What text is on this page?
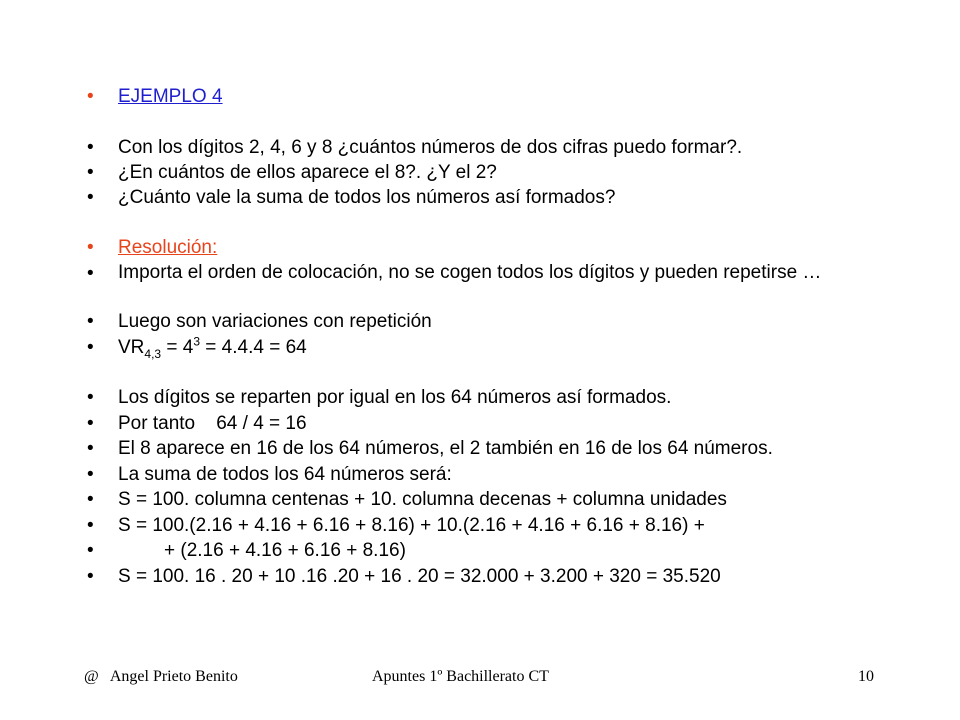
• EJEMPLO 4
• Con los dígitos 2, 4, 6 y 8 ¿cuántos números de dos cifras puedo formar?.
• ¿En cuántos de ellos aparece el 8?. ¿Y el 2?
• ¿Cuánto vale la suma de todos los números así formados?
• Resolución:
• Importa el orden de colocación, no se cogen todos los dígitos y pueden repetirse …
• Luego son variaciones con repetición
• $VR_{4,3} = 4^3 = 4.4.4 = 64$
• Los dígitos se reparten por igual en los 64 números así formados.
• Por tanto    64 / 4 = 16
• El 8 aparece en 16 de los 64 números, el 2 también en 16 de los 64 números.
• La suma de todos los 64 números será:
• S = 100. columna centenas + 10. columna decenas + columna unidades
• S = 100.(2.16 + 4.16 + 6.16 + 8.16) + 10.(2.16 + 4.16 + 6.16 + 8.16) +
•	+ (2.16 + 4.16 + 6.16 + 8.16)
• S = 100. 16 . 20 + 10 .16 .20 + 16 . 20 = 32.000 + 3.200 + 320 = 35.520
@   Angel Prieto Benito	Apuntes 1º Bachillerato CT	10
